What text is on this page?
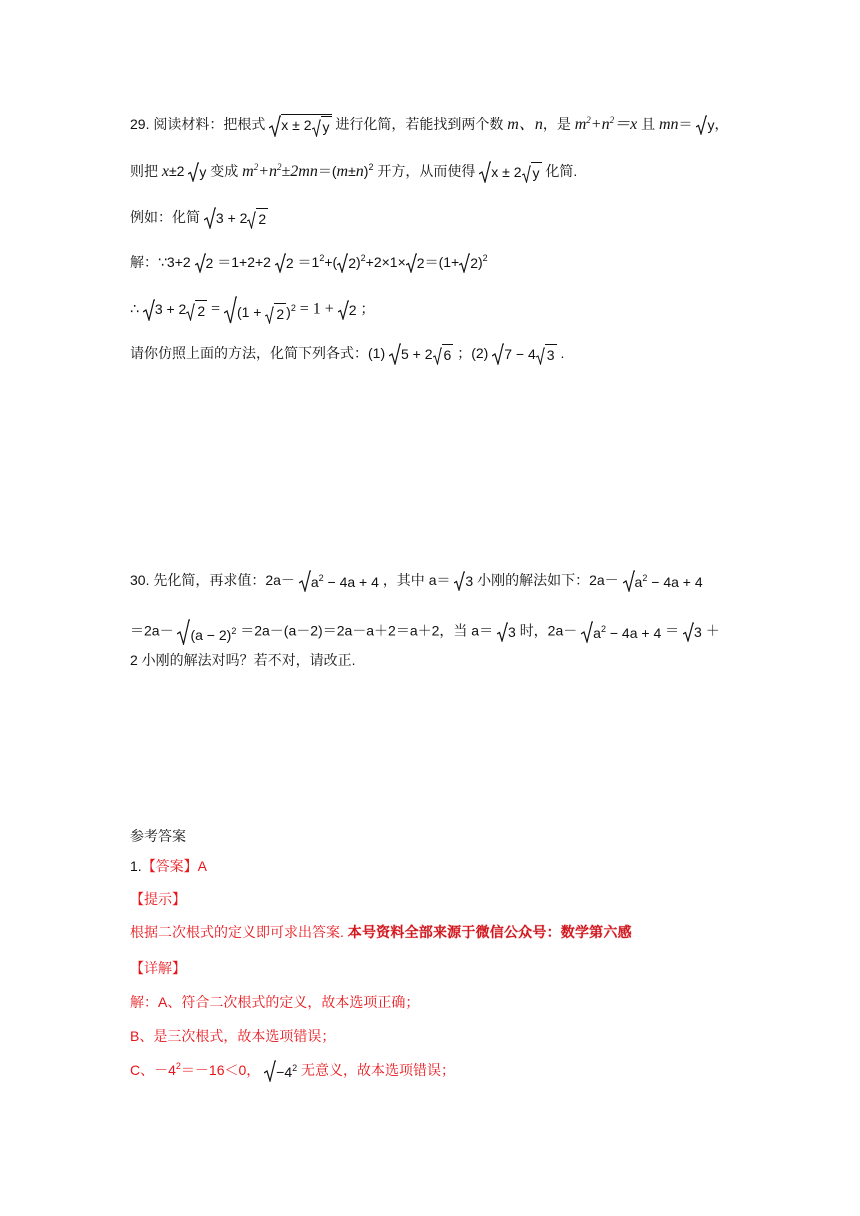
29. 阅读材料：把根式 x ± 2 y 进行化简，若能找到两个数 m、n，是 $m^2+n^2=x$ 且 mn＝ y ，
则把 x±2 y 变成 $m^2+n^2\pm 2mn=(m\pm n)^2$ 开方，从而使得 x ± 2 y 化简.
例如：化简 3 + 2 2
解：∵3+2 2 ＝1+2+2 $2 =1^2+$( 2 )$^2$+2×1× 2 ＝(1+ 2 )$^2$
∴ 3 + 2 2 = (1 + 2 )$^2$ = 1 + 2 ；
请你仿照上面的方法，化简下列各式：(1) 5 + 2 6 ；(2) 7 − 4 3 .
30. 先化简，再求值：$2a- a^2 - 4a + 4$ ，其中 a＝ 3 小刚的解法如下：$2a- a^2 - 4a + 4$
$=2a- (a - 2)^2 =2a-(a-2)=2a-a+2=a+2$，当 a＝ 3 时，$2a- a^2 - 4a + 4 = 3$ ＋
2 小刚的解法对吗？若不对，请改正.
参考答案
1.【答案】A
【提示】
根据二次根式的定义即可求出答案. 本号资料全部来源于微信公众号：数学第六感
【详解】
解：A、符合二次根式的定义，故本选项正确；
B、是三次根式，故本选项错误；
C、$-4^2=-16<0$， $-4^2$ 无意义，故本选项错误；
